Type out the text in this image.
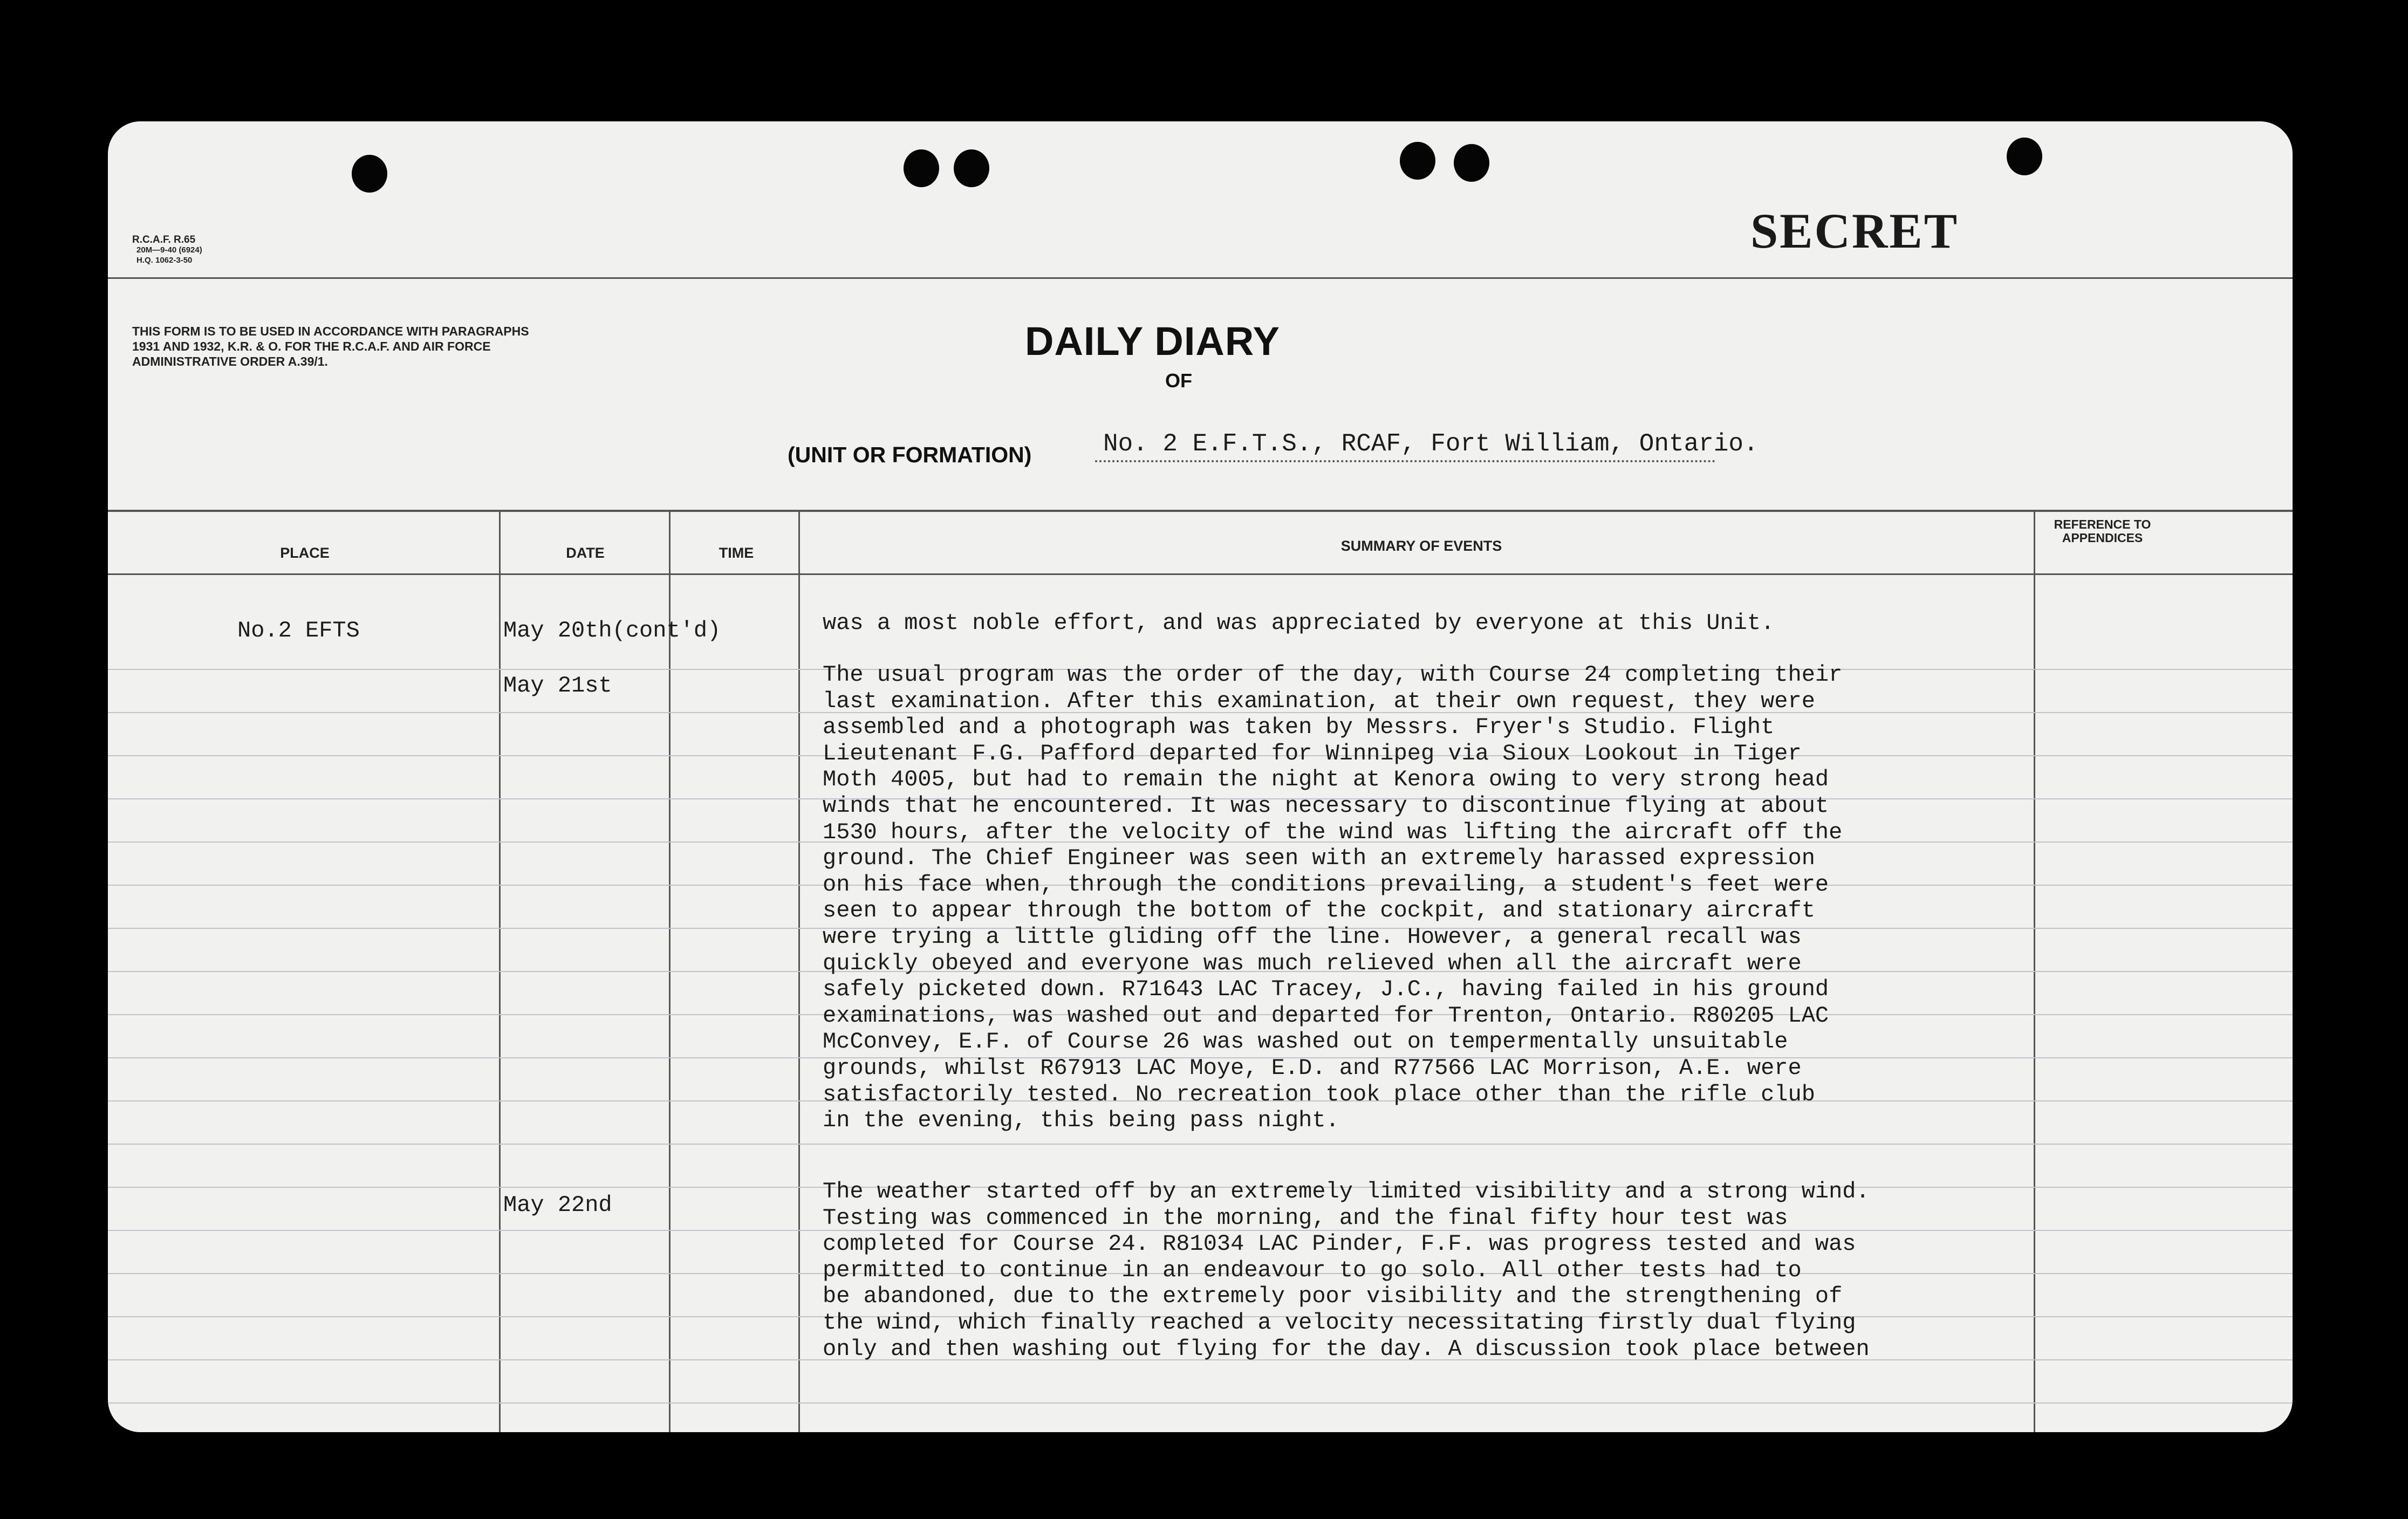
R.C.A.F. R.65
20M—9-40 (6924)
H.Q. 1062-3-50
SECRET
THIS FORM IS TO BE USED IN ACCORDANCE WITH PARAGRAPHS 1931 AND 1932, K.R. & O. FOR THE R.C.A.F. AND AIR FORCE ADMINISTRATIVE ORDER A.39/1.	DAILY DIARY
OF
(UNIT OR FORMATION)	No. 2 E.F.T.S., RCAF, Fort William, Ontario.
PLACE	DATE	TIME	SUMMARY OF EVENTS
REFERENCE TO APPENDICES
No.2 EFTS	May 20th(cont'd)	was a most noble effort, and was appreciated by everyone at this Unit.
May 21st	The usual program was the order of the day, with Course 24 completing their
last examination. After this examination, at their own request, they were
assembled and a photograph was taken by Messrs. Fryer's Studio. Flight
Lieutenant F.G. Pafford departed for Winnipeg via Sioux Lookout in Tiger
Moth 4005, but had to remain the night at Kenora owing to very strong head
winds that he encountered. It was necessary to discontinue flying at about
1530 hours, after the velocity of the wind was lifting the aircraft off the
ground. The Chief Engineer was seen with an extremely harassed expression
on his face when, through the conditions prevailing, a student's feet were
seen to appear through the bottom of the cockpit, and stationary aircraft
were trying a little gliding off the line. However, a general recall was
quickly obeyed and everyone was much relieved when all the aircraft were
safely picketed down. R71643 LAC Tracey, J.C., having failed in his ground
examinations, was washed out and departed for Trenton, Ontario. R80205 LAC
McConvey, E.F. of Course 26 was washed out on tempermentally unsuitable
grounds, whilst R67913 LAC Moye, E.D. and R77566 LAC Morrison, A.E. were
satisfactorily tested. No recreation took place other than the rifle club
in the evening, this being pass night.
May 22nd
The weather started off by an extremely limited visibility and a strong wind.
Testing was commenced in the morning, and the final fifty hour test was
completed for Course 24. R81034 LAC Pinder, F.F. was progress tested and was
permitted to continue in an endeavour to go solo. All other tests had to
be abandoned, due to the extremely poor visibility and the strengthening of
the wind, which finally reached a velocity necessitating firstly dual flying
only and then washing out flying for the day. A discussion took place between
